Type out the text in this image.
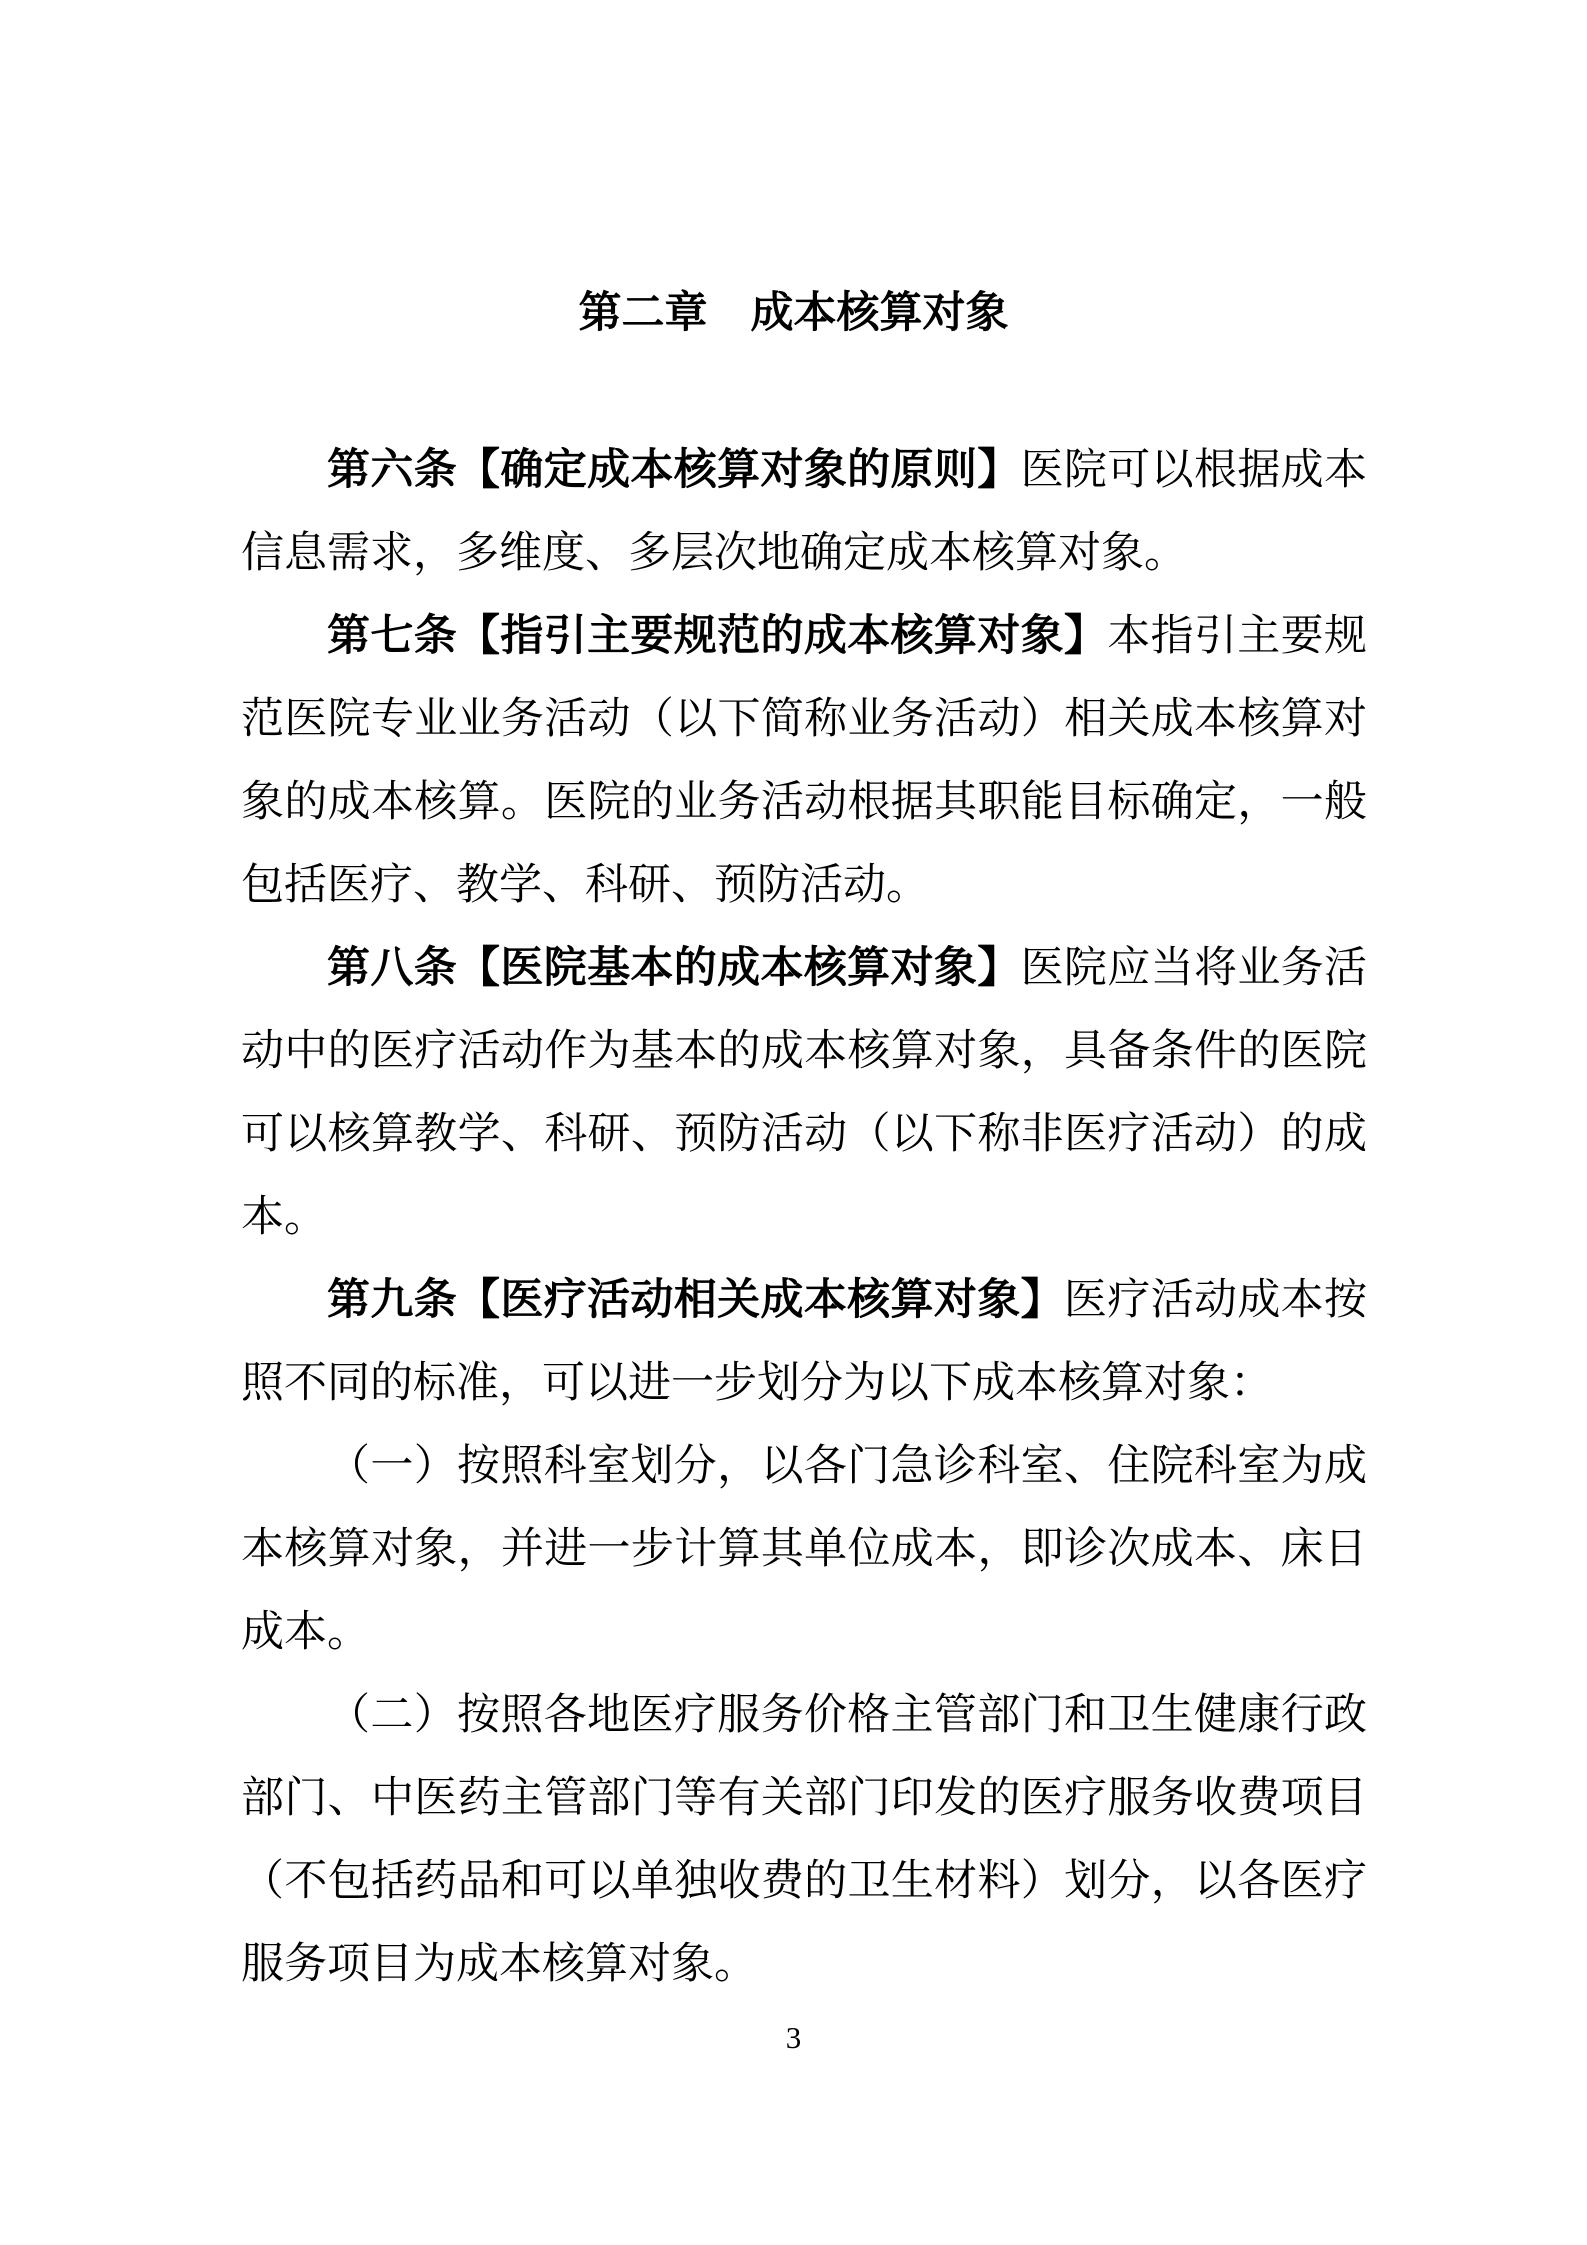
第二章　成本核算对象

第六条【确定成本核算对象的原则】医院可以根据成本信息需求，多维度、多层次地确定成本核算对象。

第七条【指引主要规范的成本核算对象】本指引主要规范医院专业业务活动（以下简称业务活动）相关成本核算对象的成本核算。医院的业务活动根据其职能目标确定，一般包括医疗、教学、科研、预防活动。

第八条【医院基本的成本核算对象】医院应当将业务活动中的医疗活动作为基本的成本核算对象，具备条件的医院可以核算教学、科研、预防活动（以下称非医疗活动）的成本。

第九条【医疗活动相关成本核算对象】医疗活动成本按照不同的标准，可以进一步划分为以下成本核算对象：

（一）按照科室划分，以各门急诊科室、住院科室为成本核算对象，并进一步计算其单位成本，即诊次成本、床日成本。

（二）按照各地医疗服务价格主管部门和卫生健康行政部门、中医药主管部门等有关部门印发的医疗服务收费项目（不包括药品和可以单独收费的卫生材料）划分，以各医疗服务项目为成本核算对象。

3
